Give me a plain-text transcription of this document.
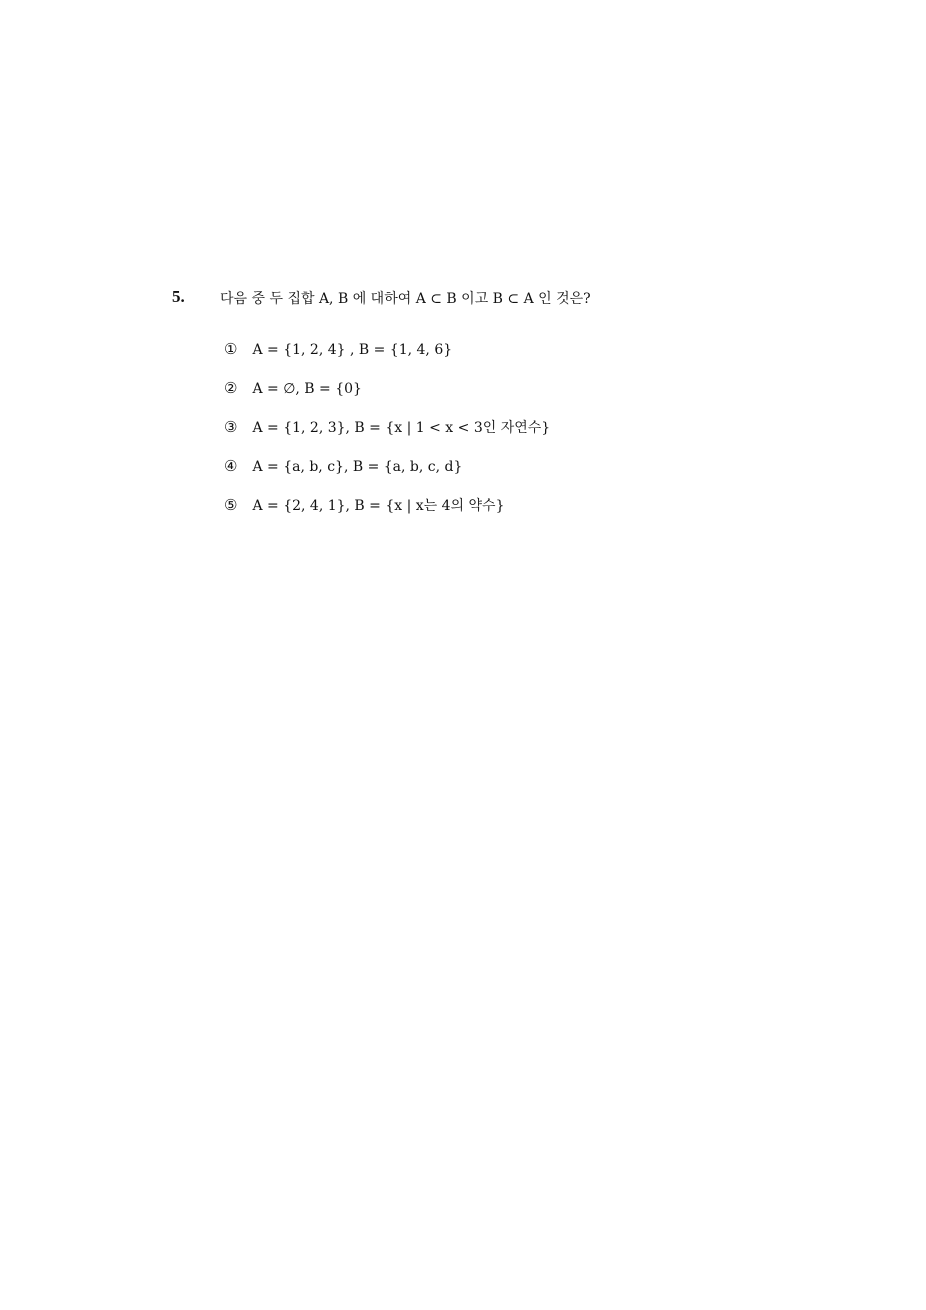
5.	다음 중 두 집합 A, B 에 대하여 A ⊂ B 이고 B ⊂ A 인 것은?
① A = {1, 2, 4} , B = {1, 4, 6}
② A = ∅, B = {0}
③ A = {1, 2, 3}, B = {x | 1 < x < 3인 자연수}
④ A = {a, b, c}, B = {a, b, c, d}
⑤ A = {2, 4, 1}, B = {x | x는 4의 약수}
